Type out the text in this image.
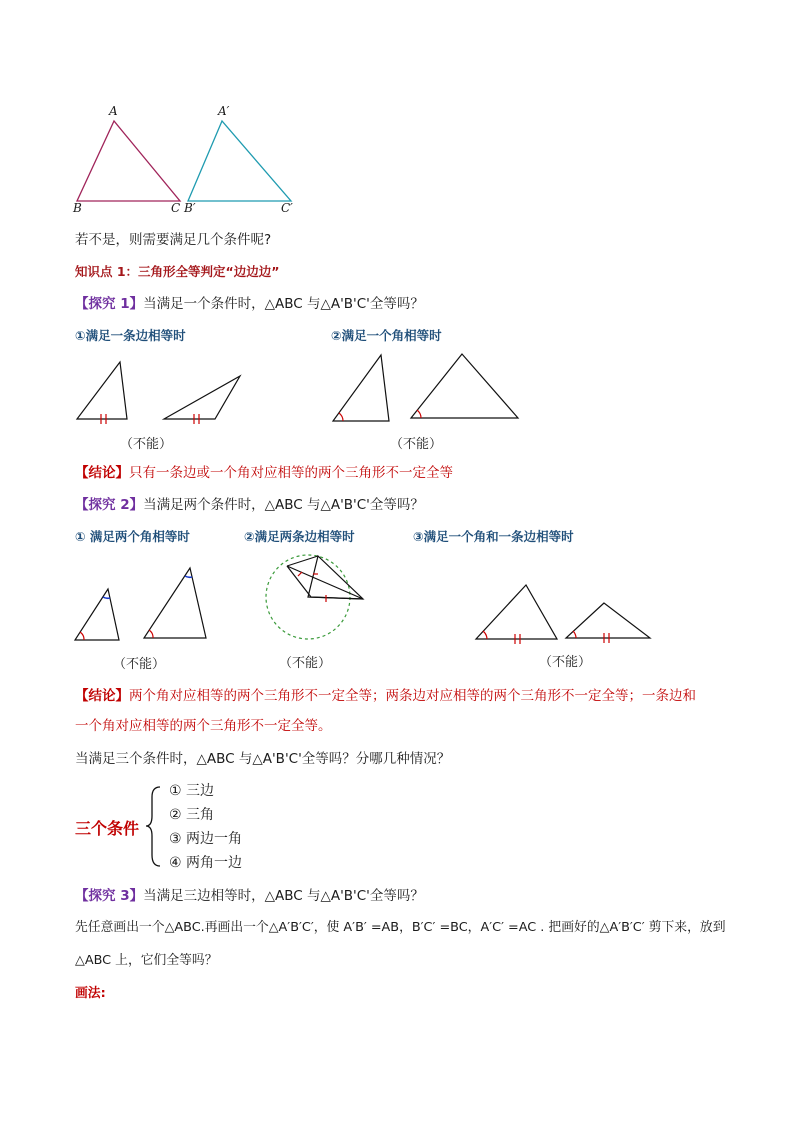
A
B	C
A′
B′	C′
若不是，则需要满足几个条件呢?
知识点 1：三角形全等判定“边边边”
【探究 1】当满足一个条件时，△ABC 与△A'B'C'全等吗？
①满足一条边相等时	②满足一个角相等时
（不能）	（不能）
【结论】只有一条边或一个角对应相等的两个三角形不一定全等
【探究 2】当满足两个条件时，△ABC 与△A'B'C'全等吗？
① 满足两个角相等时	②满足两条边相等时	③满足一个角和一条边相等时
（不能）	（不能）	（不能）
【结论】两个角对应相等的两个三角形不一定全等；两条边对应相等的两个三角形不一定全等；一条边和
一个角对应相等的两个三角形不一定全等。
当满足三个条件时，△ABC 与△A'B'C'全等吗？分哪几种情况？
三个条件
① 三边
② 三角
③ 两边一角
④ 两角一边
【探究 3】当满足三边相等时，△ABC 与△A'B'C'全等吗？
先任意画出一个△ABC.再画出一个△A′B′C′，使 A′B′ =AB，B′C′ =BC，A′C′ =AC . 把画好的△A′B′C′ 剪下来，放到
△ABC 上，它们全等吗？
画法:
